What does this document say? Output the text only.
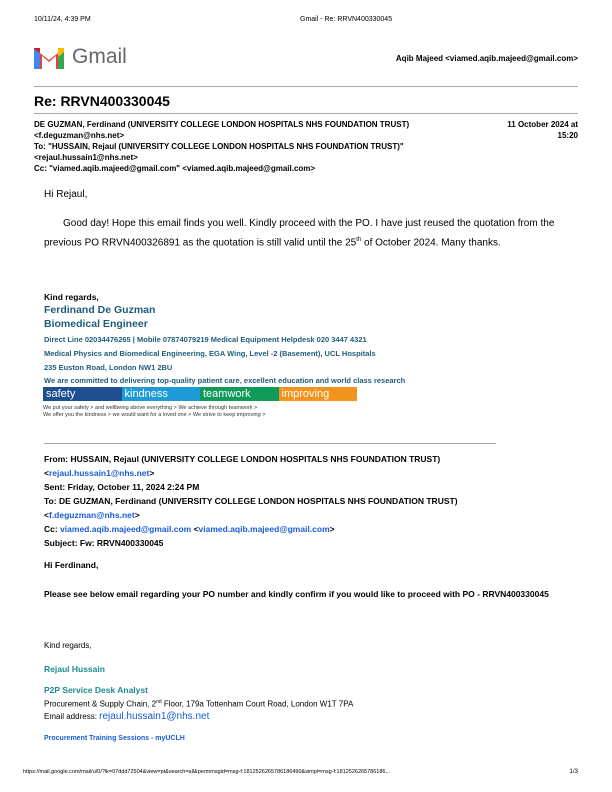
10/11/24, 4:39 PM	Gmail - Re: RRVN400330045
Gmail	Aqib Majeed <viamed.aqib.majeed@gmail.com>
Re: RRVN400330045
DE GUZMAN, Ferdinand (UNIVERSITY COLLEGE LONDON HOSPITALS NHS FOUNDATION TRUST) <f.deguzman@nhs.net>
11 October 2024 at 15:20
To: "HUSSAIN, Rejaul (UNIVERSITY COLLEGE LONDON HOSPITALS NHS FOUNDATION TRUST)" <rejaul.hussain1@nhs.net>
Cc: "viamed.aqib.majeed@gmail.com" <viamed.aqib.majeed@gmail.com>
Hi Rejaul,
Good day! Hope this email finds you well. Kindly proceed with the PO. I have just reused the quotation from the previous PO RRVN400326891 as the quotation is still valid until the 25th of October 2024. Many thanks.
Kind regards,
Ferdinand De Guzman
Biomedical Engineer
Direct Line 02034476265 | Mobile 07874079219 Medical Equipment Helpdesk 020 3447 4321
Medical Physics and Biomedical Engineering, EGA Wing, Level -2 (Basement), UCL Hospitals
235 Euston Road, London NW1 2BU
We are committed to delivering top-quality patient care, excellent education and world class research
safety	kindness	teamwork	improving
We put your safety > and wellbeing above everything > We achieve through teamwork >
We offer you the kindness > we would want for a loved one > We strive to keep improving >
From: HUSSAIN, Rejaul (UNIVERSITY COLLEGE LONDON HOSPITALS NHS FOUNDATION TRUST)
<rejaul.hussain1@nhs.net>
Sent: Friday, October 11, 2024 2:24 PM
To: DE GUZMAN, Ferdinand (UNIVERSITY COLLEGE LONDON HOSPITALS NHS FOUNDATION TRUST)
<f.deguzman@nhs.net>
Cc: viamed.aqib.majeed@gmail.com <viamed.aqib.majeed@gmail.com>
Subject: Fw: RRVN400330045
Hi Ferdinand,
Please see below email regarding your PO number and kindly confirm if you would like to proceed with PO - RRVN400330045
Kind regards,
Rejaul Hussain
P2P Service Desk Analyst
Procurement & Supply Chain, 2nd Floor, 179a Tottenham Court Road, London W1T 7PA
Email address: rejaul.hussain1@nhs.net
Procurement Training Sessions - myUCLH
https://mail.google.com/mail/u/0/?ik=07ddd72504&view=pt&search=all&permmsgid=msg-f:1812526265786186490&simpl=msg-f:1812526265786186...	1/3
